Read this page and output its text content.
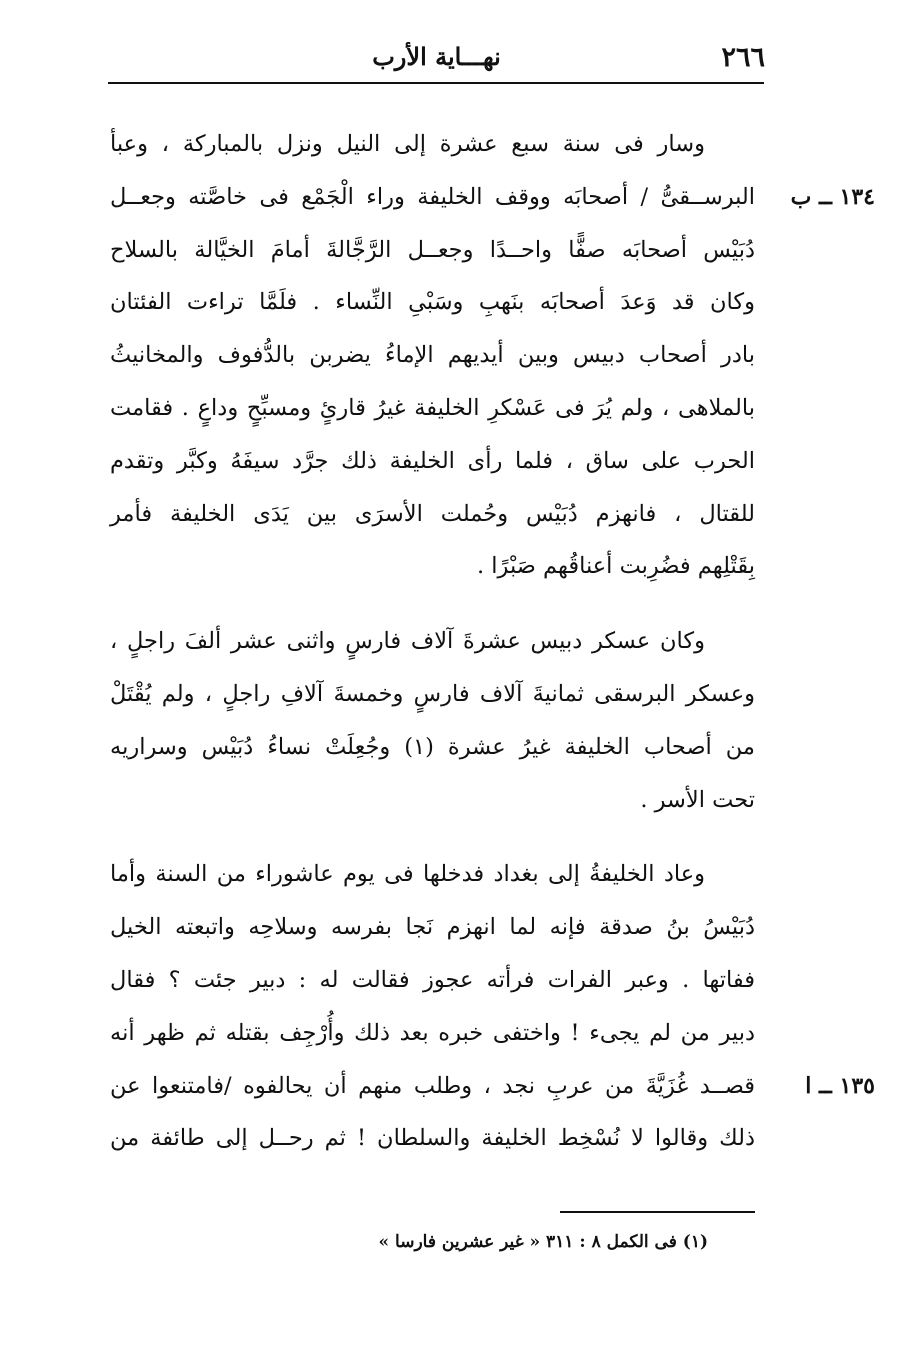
٢٦٦
نهـــاية الأرب
وسار فى سنة سبع عشرة إلى النيل ونزل بالمباركة ، وعبأ
البرســقىُّ / أصحابَه ووقف الخليفة وراء الْجَمْع فى خاصَّته وجعــل ١٣٤ ــ ب
دُبَيْس أصحابَه صفًّا واحــدًا وجعــل الرَّجَّالةَ أمامَ الخيَّالة بالسلاح
وكان قد وَعدَ أصحابَه بنَهبِ وسَبْىِ النِّساء . فلَمَّا تراءت الفئتان
بادر أصحاب دبيس وبين أيديهم الإماءُ يضربن بالدُّفوف والمخانيثُ
بالملاهى ، ولم يُرَ فى عَسْكرِ الخليفة غيرُ قارئٍ ومسبِّحٍ وداعٍ . فقامت
الحرب على ساق ، فلما رأى الخليفة ذلك جرَّد سيفَهُ وكبَّر وتقدم
للقتال ، فانهزم دُبَيْس وحُملت الأسرَى بين يَدَى الخليفة فأمر
بِقَتْلِهم فضُرِبت أعناقُهم صَبْرًا .
وكان عسكر دبيس عشرةَ آلاف فارسٍ واثنى عشر ألفَ راجلٍ ،
وعسكر البرسقى ثمانيةَ آلاف فارسٍ وخمسةَ آلافِ راجلٍ ، ولم يُقْتَلْ
من أصحاب الخليفة غيرُ عشرة (١) وجُعِلَتْ نساءُ دُبَيْس وسراريه
تحت الأسر .
وعاد الخليفةُ إلى بغداد فدخلها فى يوم عاشوراء من السنة وأما
دُبَيْسُ بنُ صدقة فإنه لما انهزم نَجا بفرسه وسلاحِه واتبعته الخيل
ففاتها . وعبر الفرات فرأته عجوز فقالت له : دبير جئت ؟ فقال
دبير من لم يجىء ! واختفى خبره بعد ذلك وأُرْجِف بقتله ثم ظهر أنه
قصــد غُزَيَّةَ من عربِ نجد ، وطلب منهم أن يحالفوه /فامتنعوا عن ١٣٥ ــ ا
ذلك وقالوا لا نُسْخِط الخليفة والسلطان ! ثم رحــل إلى طائفة من
(١) فى الكمل ٨ : ٣١١ « غير عشرين فارسا »
